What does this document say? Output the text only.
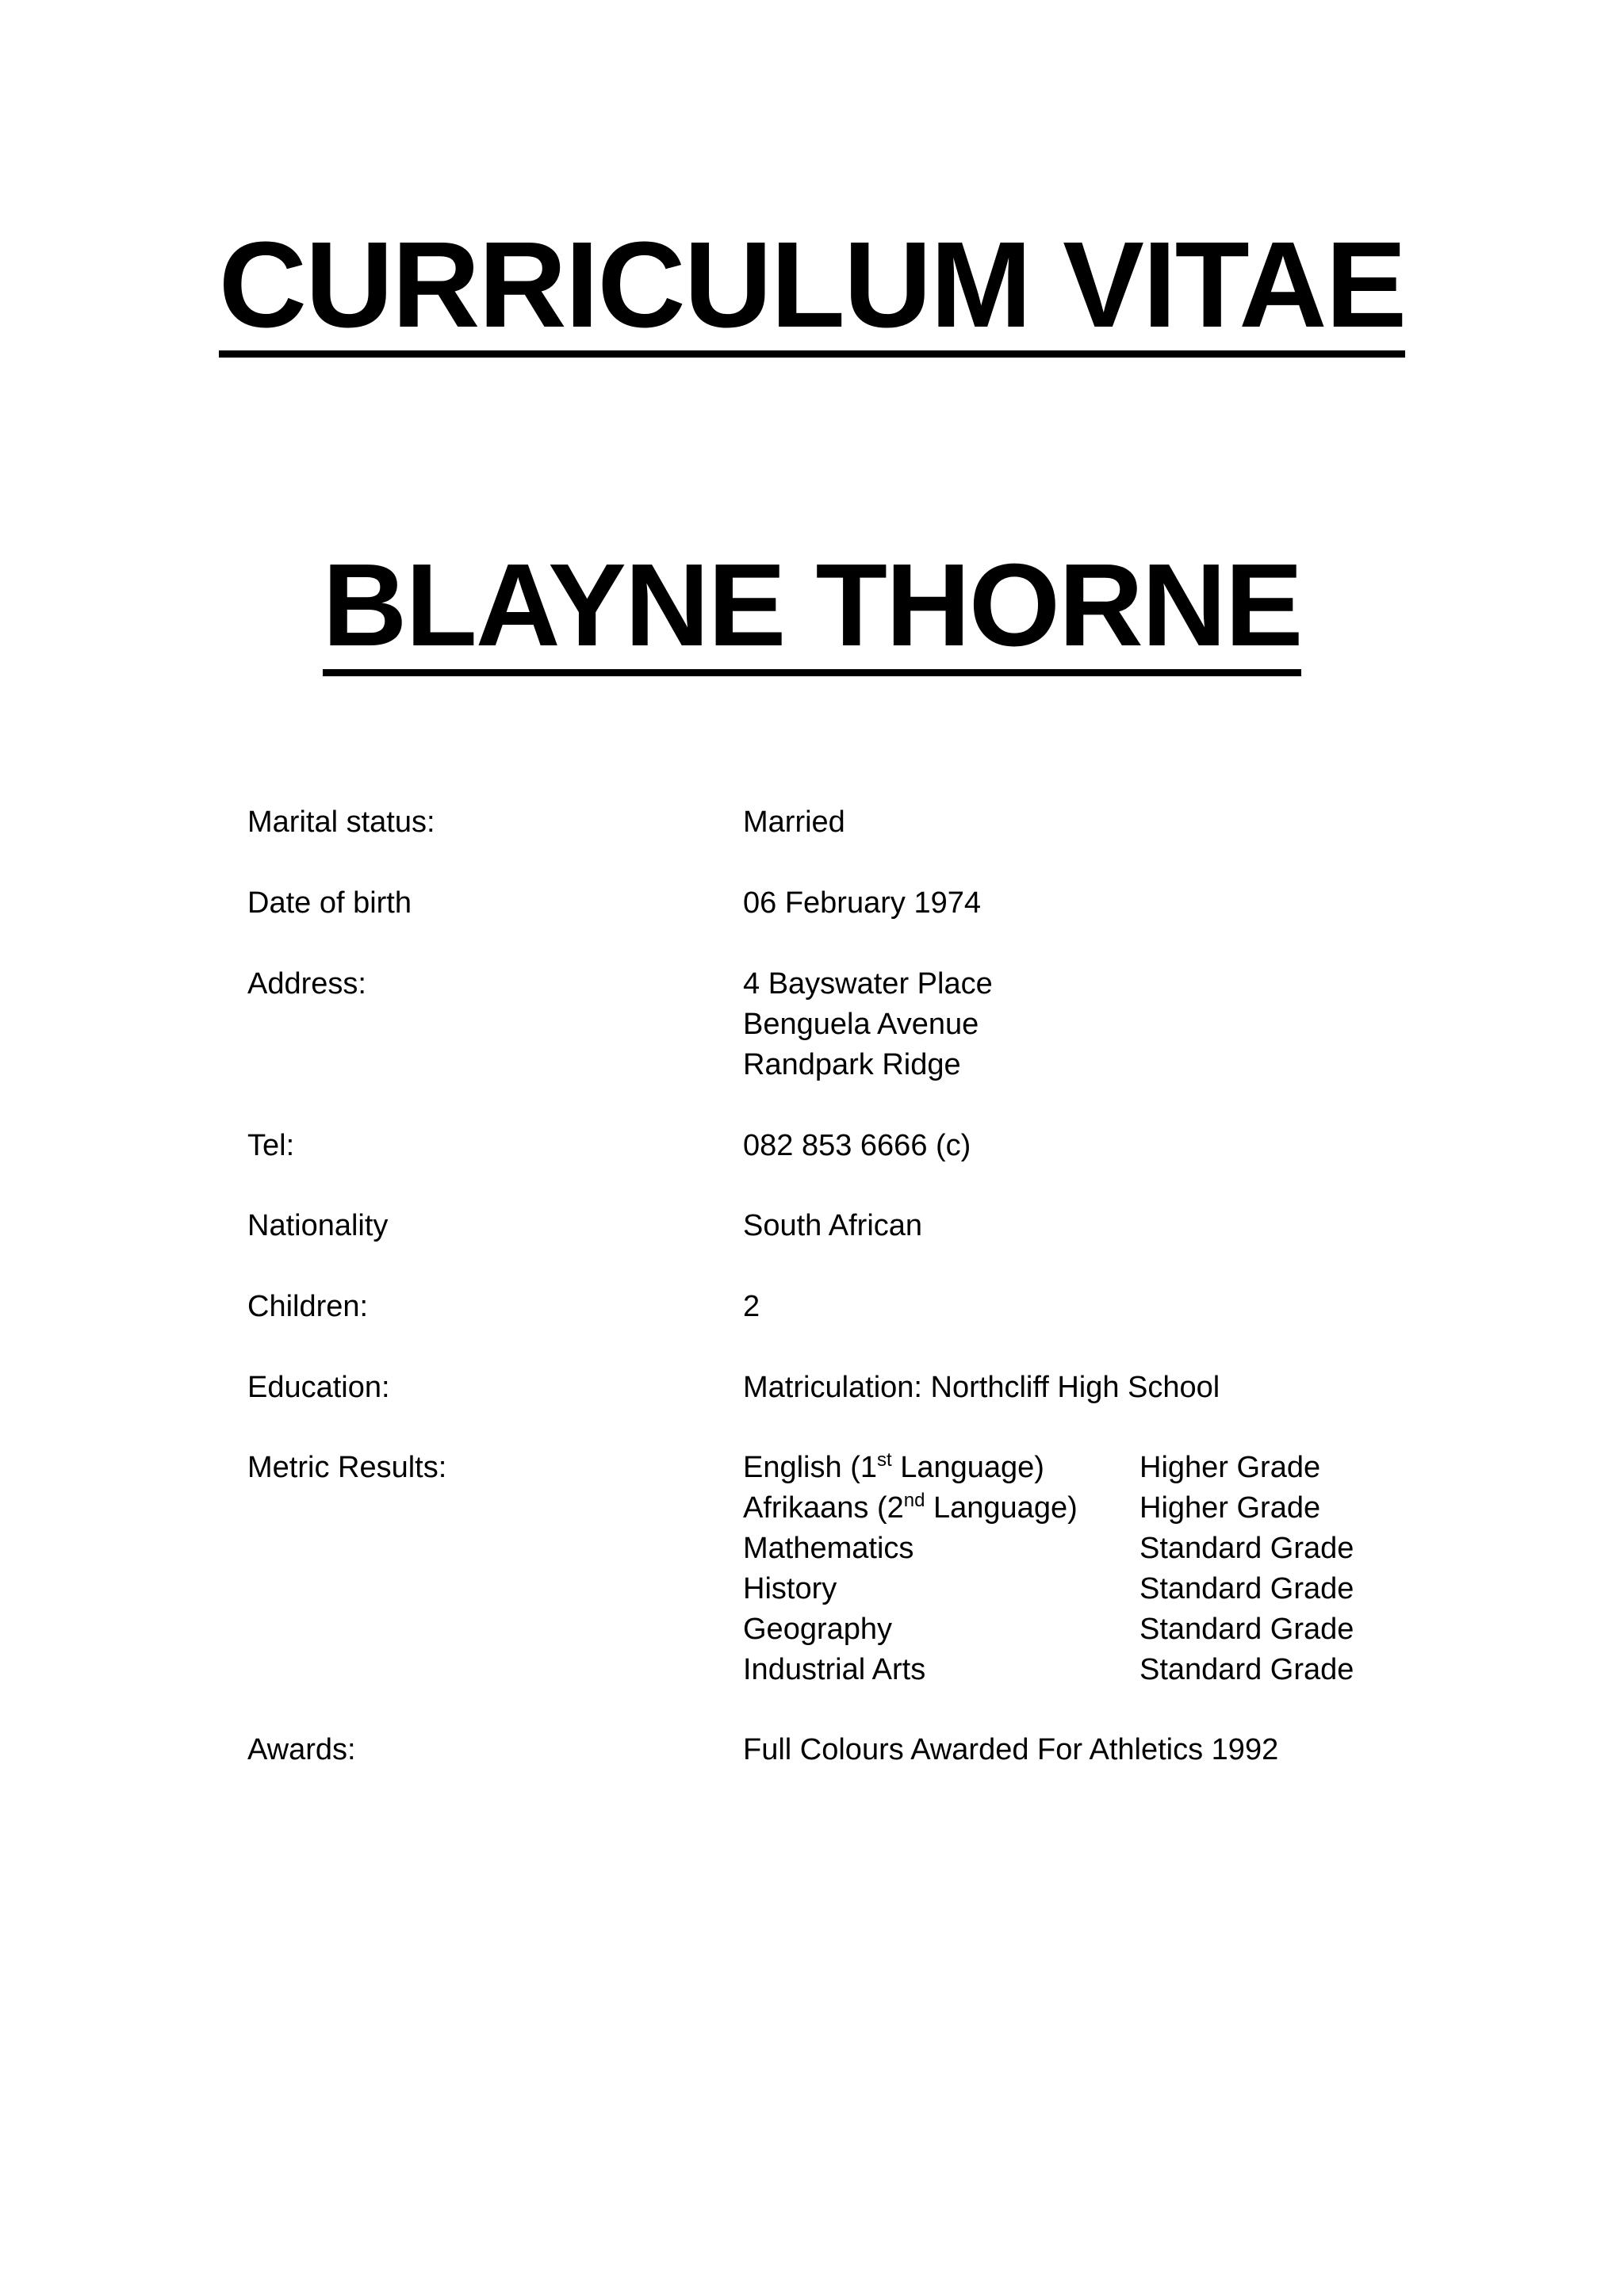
CURRICULUM VITAE
BLAYNE THORNE
Marital status:	Married
Date of birth	06 February 1974
Address:	4 Bayswater Place
Benguela Avenue
Randpark Ridge
Tel:	082 853 6666 (c)
Nationality	South African
Children:	2
Education:	Matriculation: Northcliff High School
Metric Results:	English (1st Language)	Higher Grade
Afrikaans (2nd Language) Higher Grade
Mathematics	Standard Grade
History	Standard Grade
Geography	Standard Grade
Industrial Arts	Standard Grade
Awards:	Full Colours Awarded For Athletics 1992
